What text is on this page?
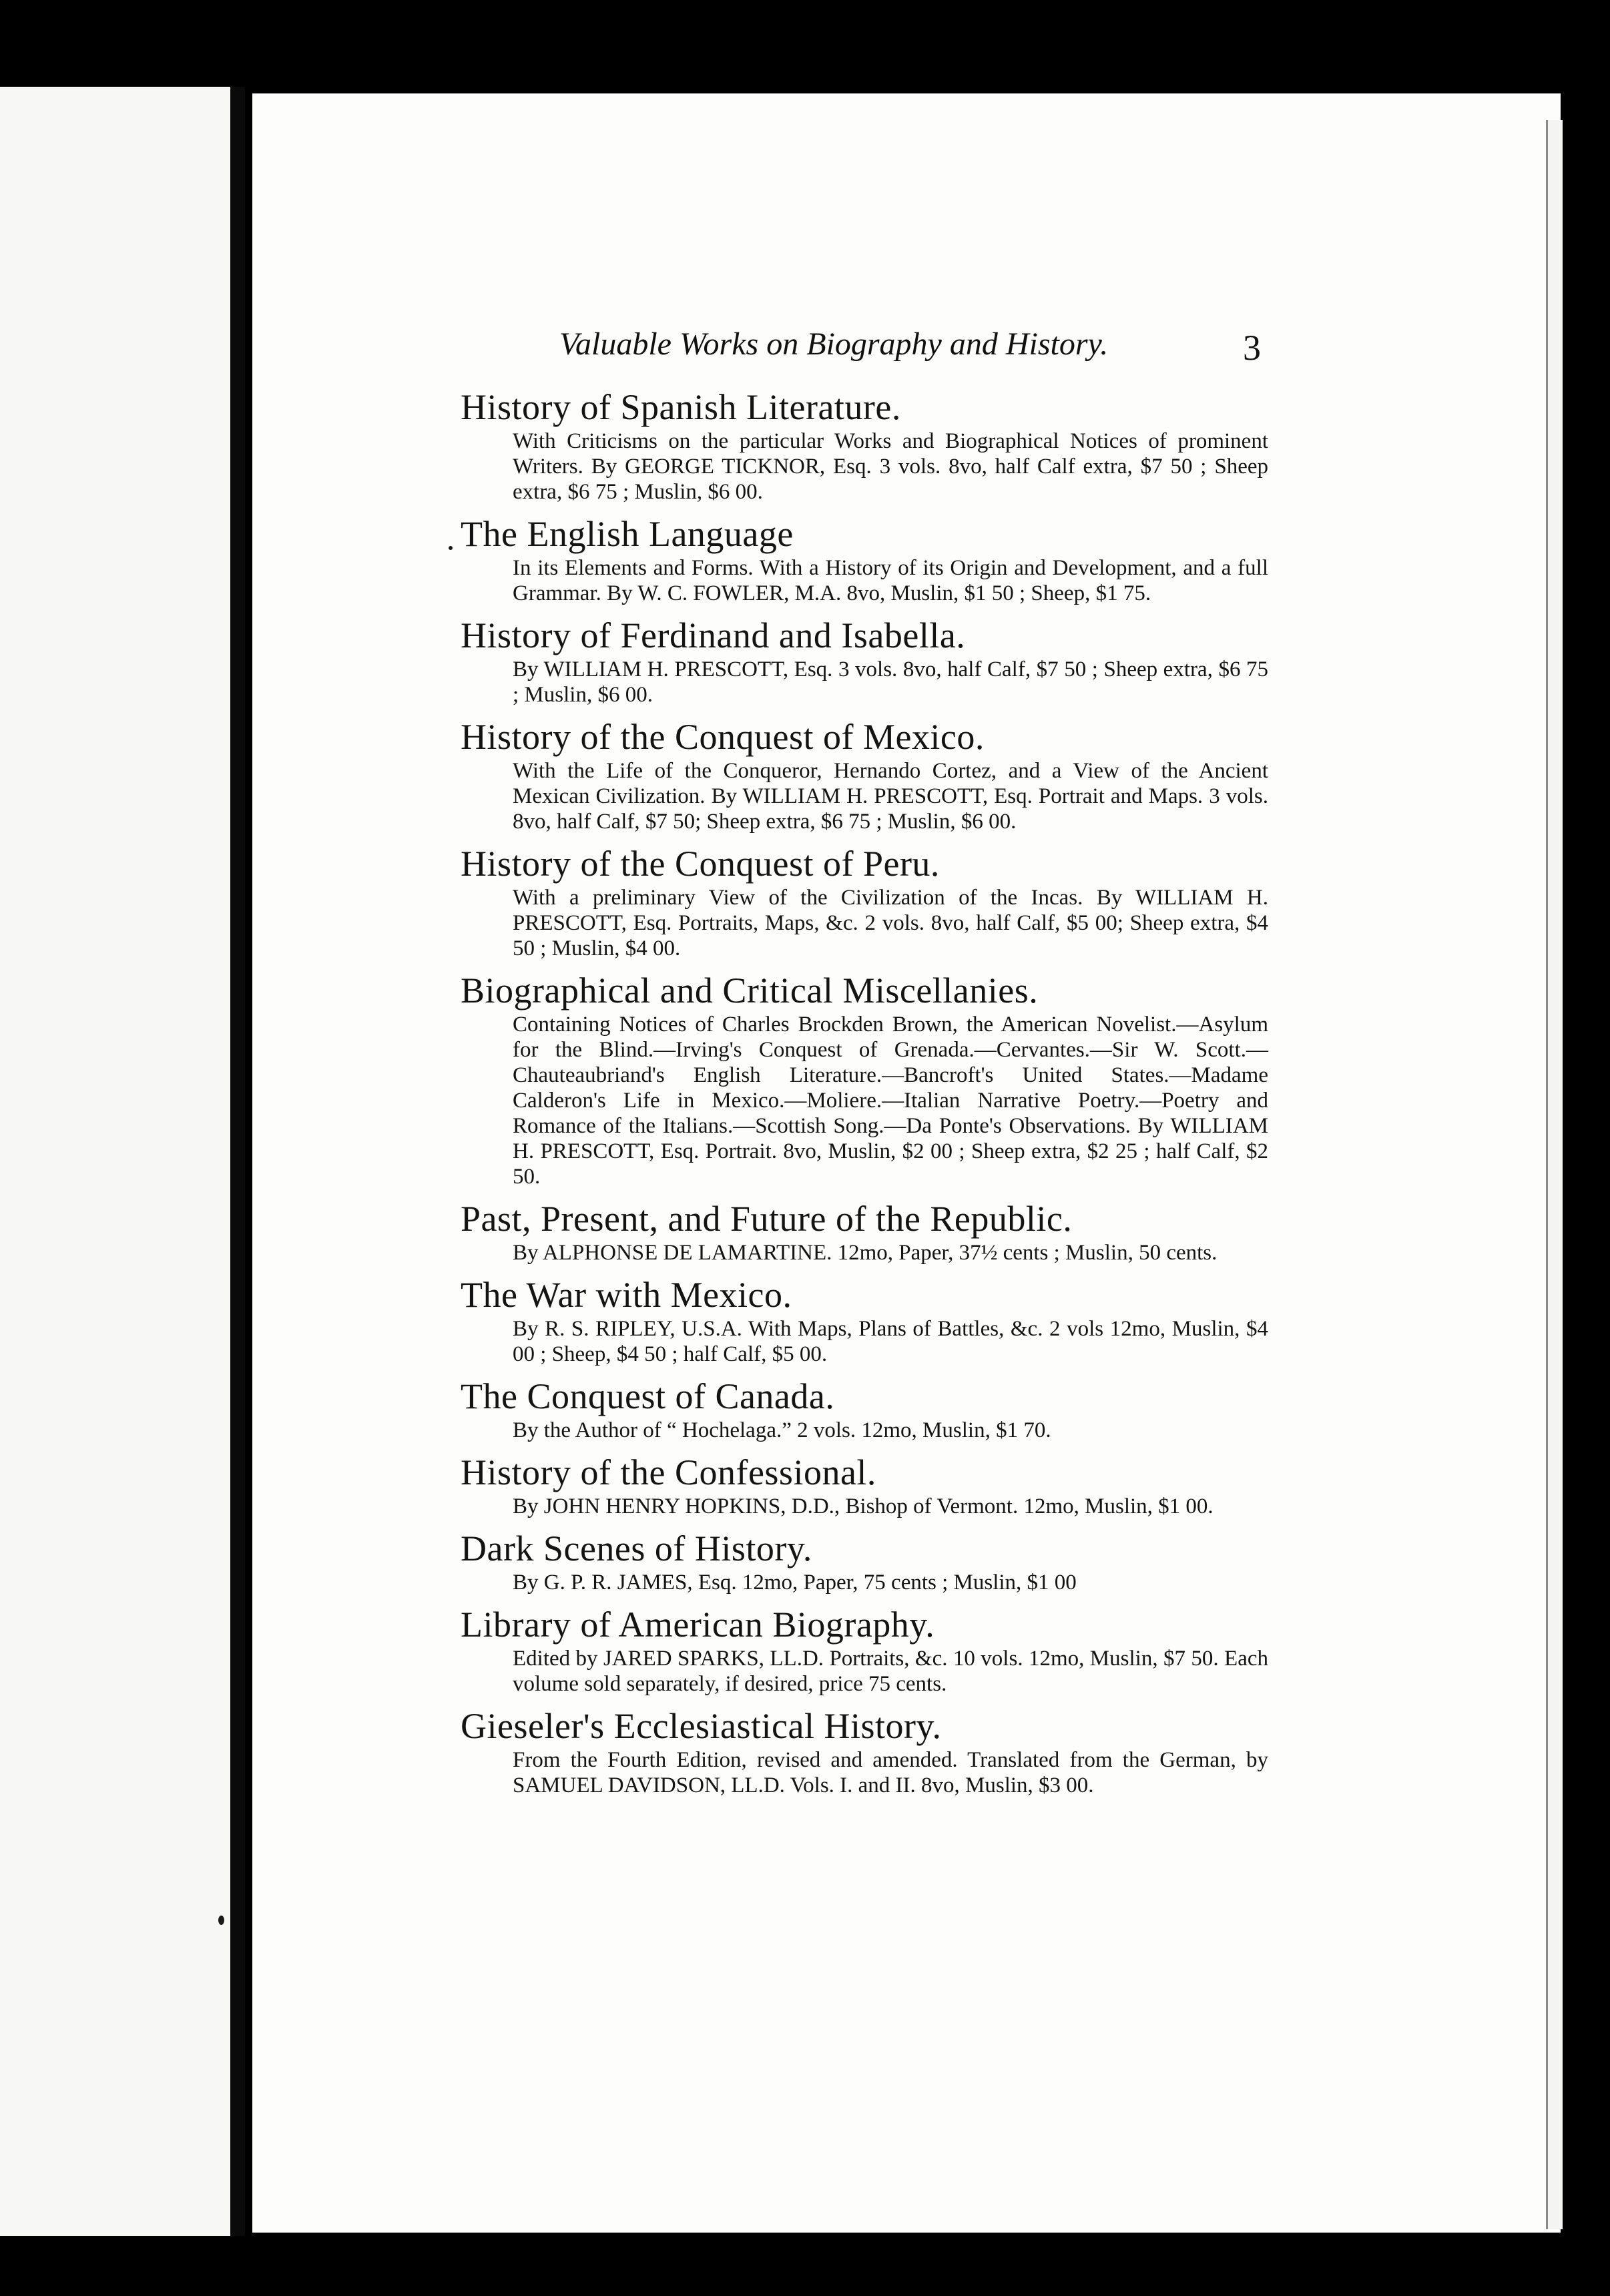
Valuable Works on Biography and History.	3
History of Spanish Literature.
With Criticisms on the particular Works and Biographical Notices of prominent Writers. By GEORGE TICKNOR, Esq. 3 vols. 8vo, half Calf extra, $7 50 ; Sheep extra, $6 75 ; Muslin, $6 00.
The English Language
In its Elements and Forms. With a History of its Origin and Development, and a full Grammar. By W. C. FOWLER, M.A. 8vo, Muslin, $1 50 ; Sheep, $1 75.
History of Ferdinand and Isabella.
By WILLIAM H. PRESCOTT, Esq. 3 vols. 8vo, half Calf, $7 50 ; Sheep extra, $6 75 ; Muslin, $6 00.
History of the Conquest of Mexico.
With the Life of the Conqueror, Hernando Cortez, and a View of the Ancient Mexican Civilization. By WILLIAM H. PRESCOTT, Esq. Portrait and Maps. 3 vols. 8vo, half Calf, $7 50; Sheep extra, $6 75 ; Muslin, $6 00.
History of the Conquest of Peru.
With a preliminary View of the Civilization of the Incas. By WILLIAM H. PRESCOTT, Esq. Portraits, Maps, &c. 2 vols. 8vo, half Calf, $5 00; Sheep extra, $4 50 ; Muslin, $4 00.
Biographical and Critical Miscellanies.
Containing Notices of Charles Brockden Brown, the American Novelist.—Asylum for the Blind.—Irving's Conquest of Grenada.—Cervantes.—Sir W. Scott.—Chauteaubriand's English Literature.—Bancroft's United States.—Madame Calderon's Life in Mexico.—Moliere.—Italian Narrative Poetry.—Poetry and Romance of the Italians.—Scottish Song.—Da Ponte's Observations. By WILLIAM H. PRESCOTT, Esq. Portrait. 8vo, Muslin, $2 00 ; Sheep extra, $2 25 ; half Calf, $2 50.
Past, Present, and Future of the Republic.
By ALPHONSE DE LAMARTINE. 12mo, Paper, 37½ cents ; Muslin, 50 cents.
The War with Mexico.
By R. S. RIPLEY, U.S.A. With Maps, Plans of Battles, &c. 2 vols 12mo, Muslin, $4 00 ; Sheep, $4 50 ; half Calf, $5 00.
The Conquest of Canada.
By the Author of “ Hochelaga.” 2 vols. 12mo, Muslin, $1 70.
History of the Confessional.
By JOHN HENRY HOPKINS, D.D., Bishop of Vermont. 12mo, Muslin, $1 00.
Dark Scenes of History.
By G. P. R. JAMES, Esq. 12mo, Paper, 75 cents ; Muslin, $1 00
Library of American Biography.
Edited by JARED SPARKS, LL.D. Portraits, &c. 10 vols. 12mo, Muslin, $7 50. Each volume sold separately, if desired, price 75 cents.
Gieseler's Ecclesiastical History.
From the Fourth Edition, revised and amended. Translated from the German, by SAMUEL DAVIDSON, LL.D. Vols. I. and II. 8vo, Muslin, $3 00.
